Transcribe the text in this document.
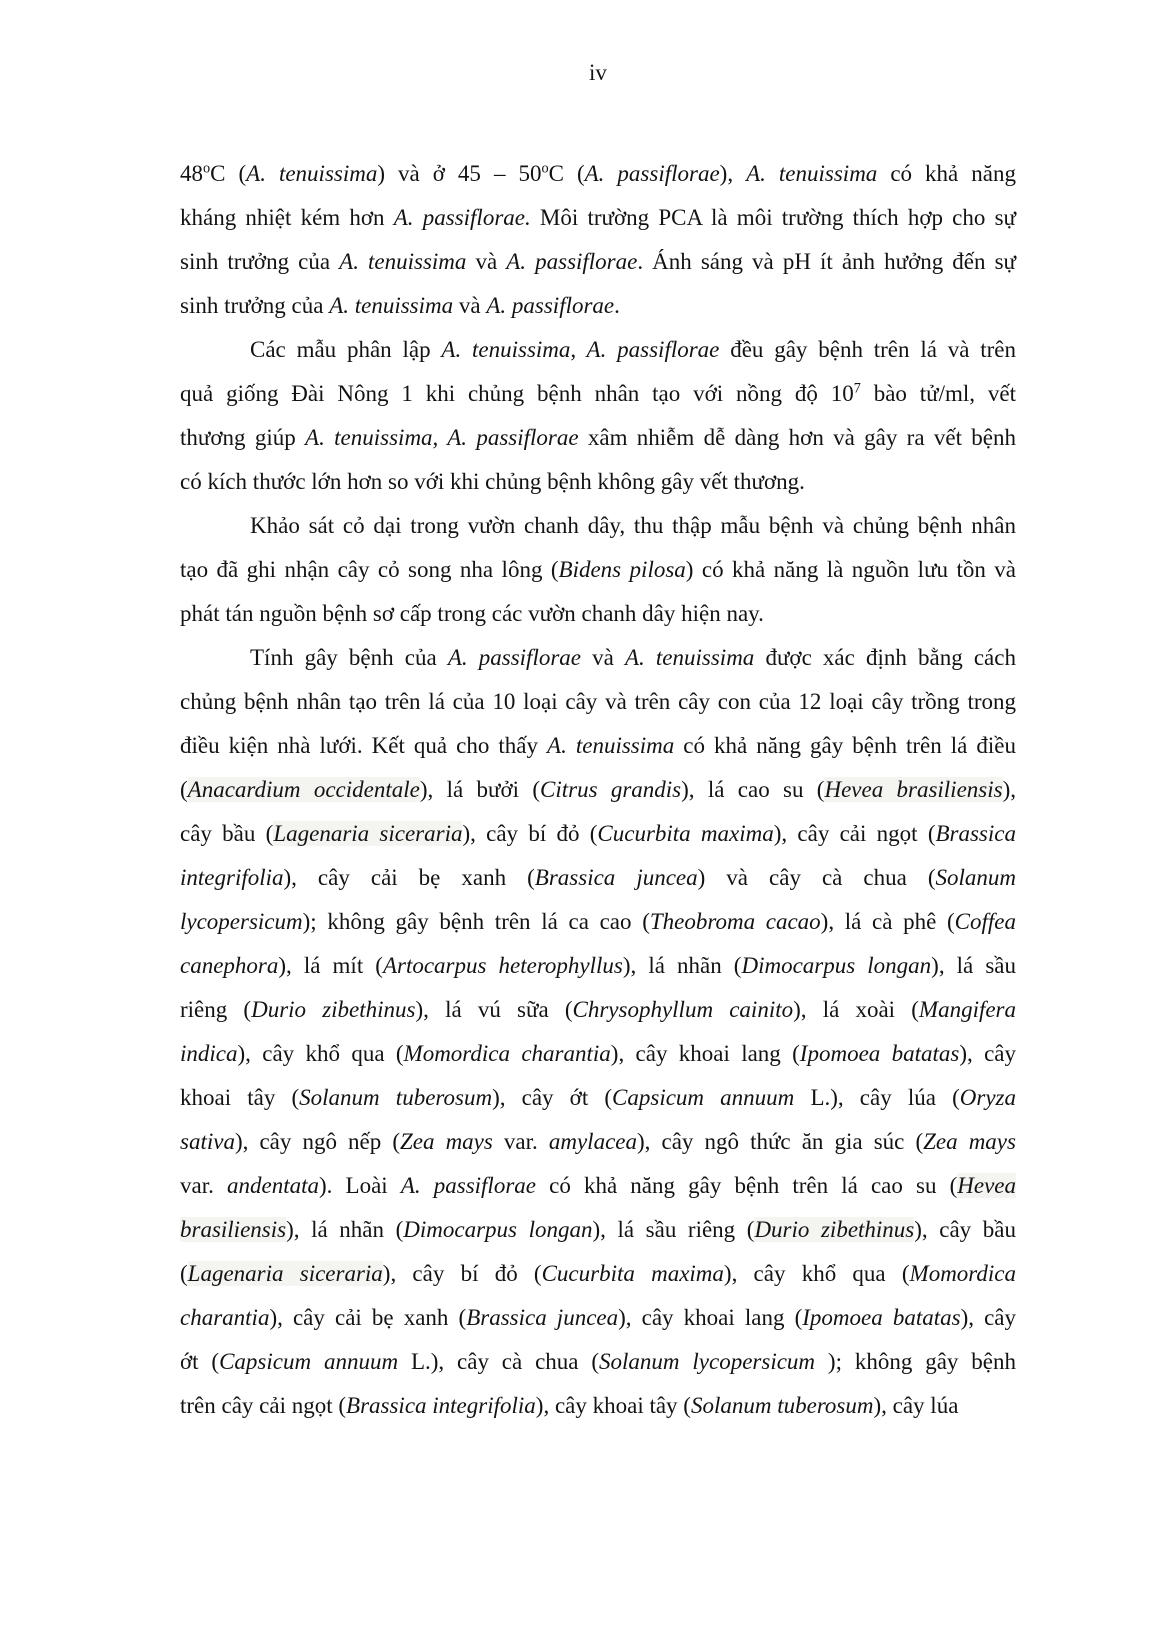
iv
48$^o$C (A. tenuissima) và ở 45 – 50$^o$C (A. passiflorae), A. tenuissima có khả năng
kháng nhiệt kém hơn A. passiflorae. Môi trường PCA là môi trường thích hợp cho sự
sinh trưởng của A. tenuissima và A. passiflorae. Ánh sáng và pH ít ảnh hưởng đến sự
sinh trưởng của A. tenuissima và A. passiflorae.
Các mẫu phân lập A. tenuissima, A. passiflorae đều gây bệnh trên lá và trên
quả giống Đài Nông 1 khi chủng bệnh nhân tạo với nồng độ $10^7$ bào tử/ml, vết
thương giúp A. tenuissima, A. passiflorae xâm nhiễm dễ dàng hơn và gây ra vết bệnh
có kích thước lớn hơn so với khi chủng bệnh không gây vết thương.
Khảo sát cỏ dại trong vườn chanh dây, thu thập mẫu bệnh và chủng bệnh nhân
tạo đã ghi nhận cây cỏ song nha lông (Bidens pilosa) có khả năng là nguồn lưu tồn và
phát tán nguồn bệnh sơ cấp trong các vườn chanh dây hiện nay.
Tính gây bệnh của A. passiflorae và A. tenuissima được xác định bằng cách
chủng bệnh nhân tạo trên lá của 10 loại cây và trên cây con của 12 loại cây trồng trong
điều kiện nhà lưới. Kết quả cho thấy A. tenuissima có khả năng gây bệnh trên lá điều
(Anacardium occidentale), lá bưởi (Citrus grandis), lá cao su (Hevea brasiliensis),
cây bầu (Lagenaria siceraria), cây bí đỏ (Cucurbita maxima), cây cải ngọt (Brassica
integrifolia), cây cải bẹ xanh (Brassica juncea) và cây cà chua (Solanum
lycopersicum); không gây bệnh trên lá ca cao (Theobroma cacao), lá cà phê (Coffea
canephora), lá mít (Artocarpus heterophyllus), lá nhãn (Dimocarpus longan), lá sầu
riêng (Durio zibethinus), lá vú sữa (Chrysophyllum cainito), lá xoài (Mangifera
indica), cây khổ qua (Momordica charantia), cây khoai lang (Ipomoea batatas), cây
khoai tây (Solanum tuberosum), cây ớt (Capsicum annuum L.), cây lúa (Oryza
sativa), cây ngô nếp (Zea mays var. amylacea), cây ngô thức ăn gia súc (Zea mays
var. andentata). Loài A. passiflorae có khả năng gây bệnh trên lá cao su (Hevea
brasiliensis), lá nhãn (Dimocarpus longan), lá sầu riêng (Durio zibethinus), cây bầu
(Lagenaria siceraria), cây bí đỏ (Cucurbita maxima), cây khổ qua (Momordica
charantia), cây cải bẹ xanh (Brassica juncea), cây khoai lang (Ipomoea batatas), cây
ớt (Capsicum annuum L.), cây cà chua (Solanum lycopersicum ); không gây bệnh
trên cây cải ngọt (Brassica integrifolia), cây khoai tây (Solanum tuberosum), cây lúa
